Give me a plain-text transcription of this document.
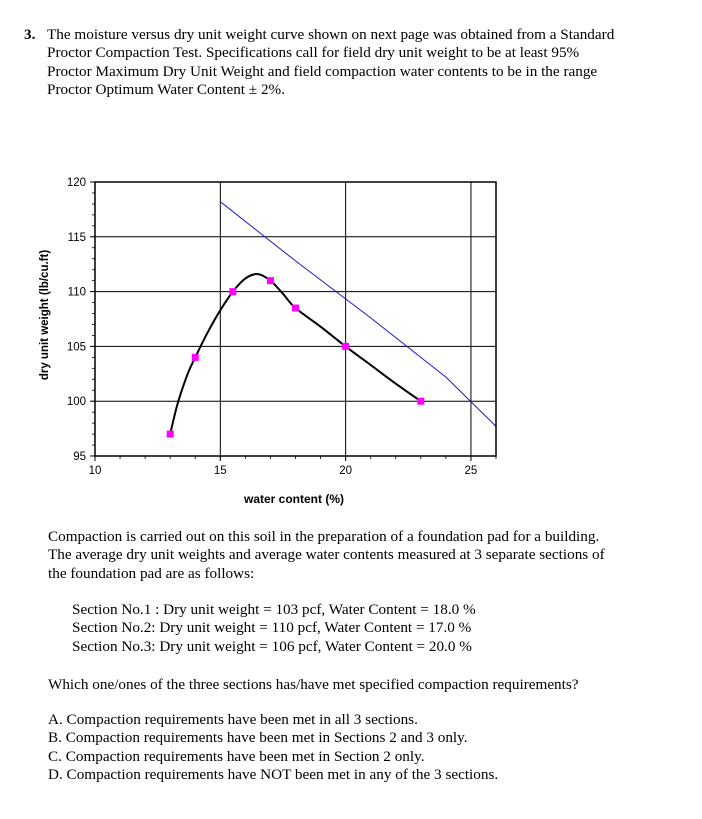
3. The moisture versus dry unit weight curve shown on next page was obtained from a Standard
Proctor Compaction Test. Specifications call for field dry unit weight to be at least 95%
Proctor Maximum Dry Unit Weight and field compaction water contents to be in the range
Proctor Optimum Water Content ± 2%.
95
100
105
110
115
120
10	15	20	25
water content (%)
dry unit weight (lb/cu.ft)
Compaction is carried out on this soil in the preparation of a foundation pad for a building.
The average dry unit weights and average water contents measured at 3 separate sections of
the foundation pad are as follows:
Section No.1 : Dry unit weight = 103 pcf, Water Content = 18.0 %
Section No.2: Dry unit weight = 110 pcf, Water Content = 17.0 %
Section No.3: Dry unit weight = 106 pcf, Water Content = 20.0 %
Which one/ones of the three sections has/have met specified compaction requirements?
A. Compaction requirements have been met in all 3 sections.
B. Compaction requirements have been met in Sections 2 and 3 only.
C. Compaction requirements have been met in Section 2 only.
D. Compaction requirements have NOT been met in any of the 3 sections.
